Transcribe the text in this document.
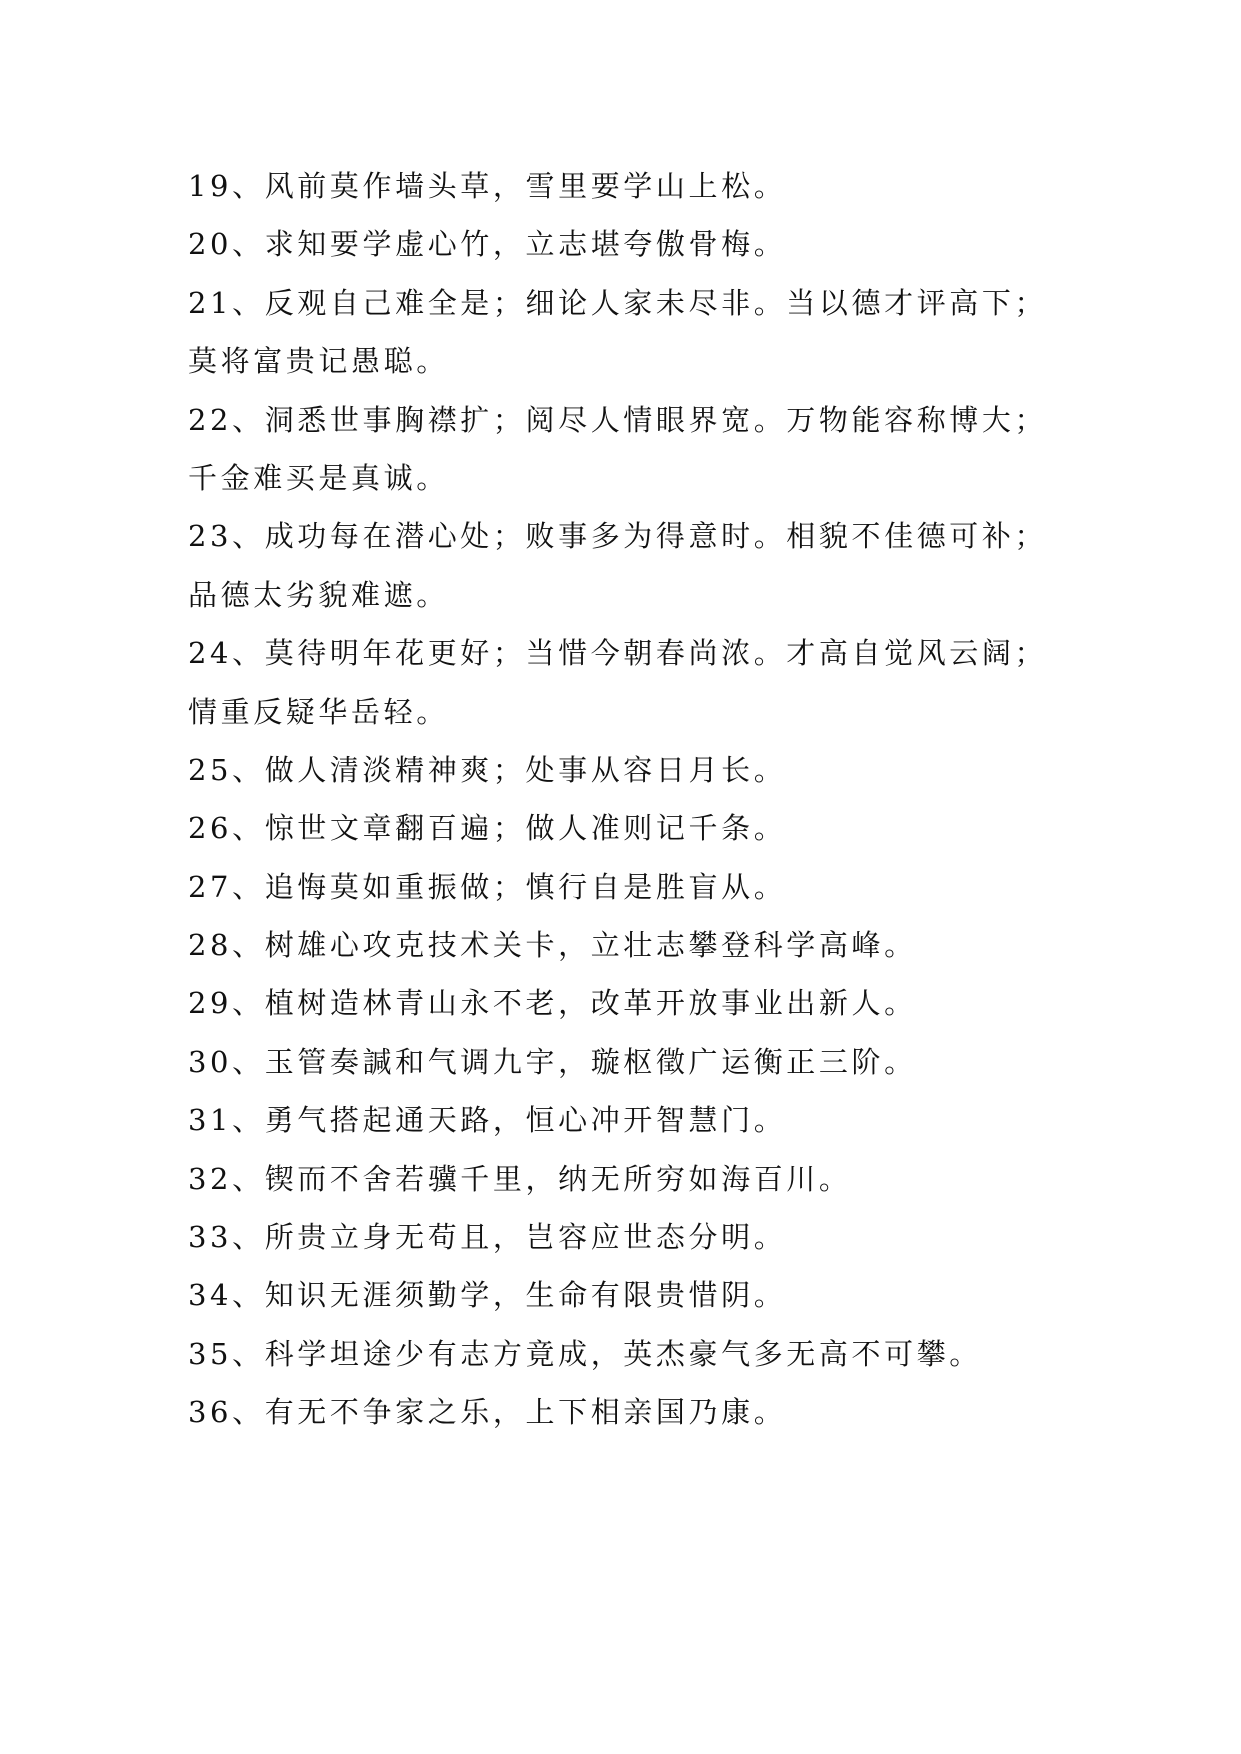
19、风前莫作墙头草，雪里要学山上松。
20、求知要学虚心竹，立志堪夸傲骨梅。
21、反观自己难全是；细论人家未尽非。当以德才评高下；
莫将富贵记愚聪。
22、洞悉世事胸襟扩；阅尽人情眼界宽。万物能容称博大；
千金难买是真诚。
23、成功每在潜心处；败事多为得意时。相貌不佳德可补；
品德太劣貌难遮。
24、莫待明年花更好；当惜今朝春尚浓。才高自觉风云阔；
情重反疑华岳轻。
25、做人清淡精神爽；处事从容日月长。
26、惊世文章翻百遍；做人准则记千条。
27、追悔莫如重振做；慎行自是胜盲从。
28、树雄心攻克技术关卡，立壮志攀登科学高峰。
29、植树造林青山永不老，改革开放事业出新人。
30、玉管奏諴和气调九宇，璇枢徵广运衡正三阶。
31、勇气搭起通天路，恒心冲开智慧门。
32、锲而不舍若骥千里，纳无所穷如海百川。
33、所贵立身无苟且，岂容应世态分明。
34、知识无涯须勤学，生命有限贵惜阴。
35、科学坦途少有志方竟成，英杰豪气多无高不可攀。
36、有无不争家之乐，上下相亲国乃康。
